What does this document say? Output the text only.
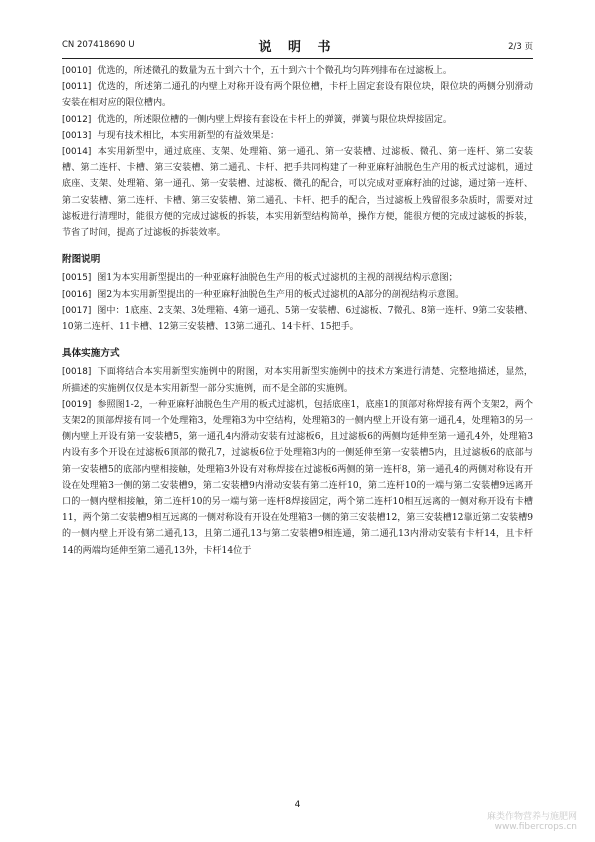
CN 207418690 U	说 明 书	2/3 页

[0010] 优选的，所述微孔的数量为五十到六十个，五十到六十个微孔均匀阵列排布在过滤板上。

[0011] 优选的，所述第二通孔的内壁上对称开设有两个限位槽，卡杆上固定套设有限位块，限位块的两侧分别滑动安装在相对应的限位槽内。

[0012] 优选的，所述限位槽的一侧内壁上焊接有套设在卡杆上的弹簧，弹簧与限位块焊接固定。

[0013] 与现有技术相比，本实用新型的有益效果是：

[0014] 本实用新型中，通过底座、支架、处理箱、第一通孔、第一安装槽、过滤板、微孔、第一连杆、第二安装槽、第二连杆、卡槽、第三安装槽、第二通孔、卡杆、把手共同构建了一种亚麻籽油脱色生产用的板式过滤机，通过底座、支架、处理箱、第一通孔、第一安装槽、过滤板、微孔的配合，可以完成对亚麻籽油的过滤，通过第一连杆、第二安装槽、第二连杆、卡槽、第三安装槽、第二通孔、卡杆、把手的配合，当过滤板上残留很多杂质时，需要对过滤板进行清理时，能很方便的完成过滤板的拆装，本实用新型结构简单，操作方便，能很方便的完成过滤板的拆装，节省了时间，提高了过滤板的拆装效率。

附图说明

[0015] 图1为本实用新型提出的一种亚麻籽油脱色生产用的板式过滤机的主视的剖视结构示意图；

[0016] 图2为本实用新型提出的一种亚麻籽油脱色生产用的板式过滤机的A部分的剖视结构示意图。

[0017] 图中：1底座、2支架、3处理箱、4第一通孔、5第一安装槽、6过滤板、7微孔、8第一连杆、9第二安装槽、10第二连杆、11卡槽、12第三安装槽、13第二通孔、14卡杆、15把手。

具体实施方式

[0018] 下面将结合本实用新型实施例中的附图，对本实用新型实施例中的技术方案进行清楚、完整地描述，显然，所描述的实施例仅仅是本实用新型一部分实施例，而不是全部的实施例。

[0019] 参照图1-2，一种亚麻籽油脱色生产用的板式过滤机，包括底座1，底座1的顶部对称焊接有两个支架2，两个支架2的顶部焊接有同一个处理箱3，处理箱3为中空结构，处理箱3的一侧内壁上开设有第一通孔4，处理箱3的另一侧内壁上开设有第一安装槽5，第一通孔4内滑动安装有过滤板6，且过滤板6的两侧均延伸至第一通孔4外，处理箱3内设有多个开设在过滤板6顶部的微孔7，过滤板6位于处理箱3内的一侧延伸至第一安装槽5内，且过滤板6的底部与第一安装槽5的底部内壁相接触，处理箱3外设有对称焊接在过滤板6两侧的第一连杆8，第一通孔4的两侧对称设有开设在处理箱3一侧的第二安装槽9，第二安装槽9内滑动安装有第二连杆10，第二连杆10的一端与第二安装槽9远离开口的一侧内壁相接触，第二连杆10的另一端与第一连杆8焊接固定，两个第二连杆10相互远离的一侧对称开设有卡槽11，两个第二安装槽9相互远离的一侧对称设有开设在处理箱3一侧的第三安装槽12，第三安装槽12靠近第二安装槽9的一侧内壁上开设有第二通孔13，且第二通孔13与第二安装槽9相连通，第二通孔13内滑动安装有卡杆14，且卡杆14的两端均延伸至第二通孔13外，卡杆14位于

4
麻类作物营养与施肥网
www.fibercrops.cn
